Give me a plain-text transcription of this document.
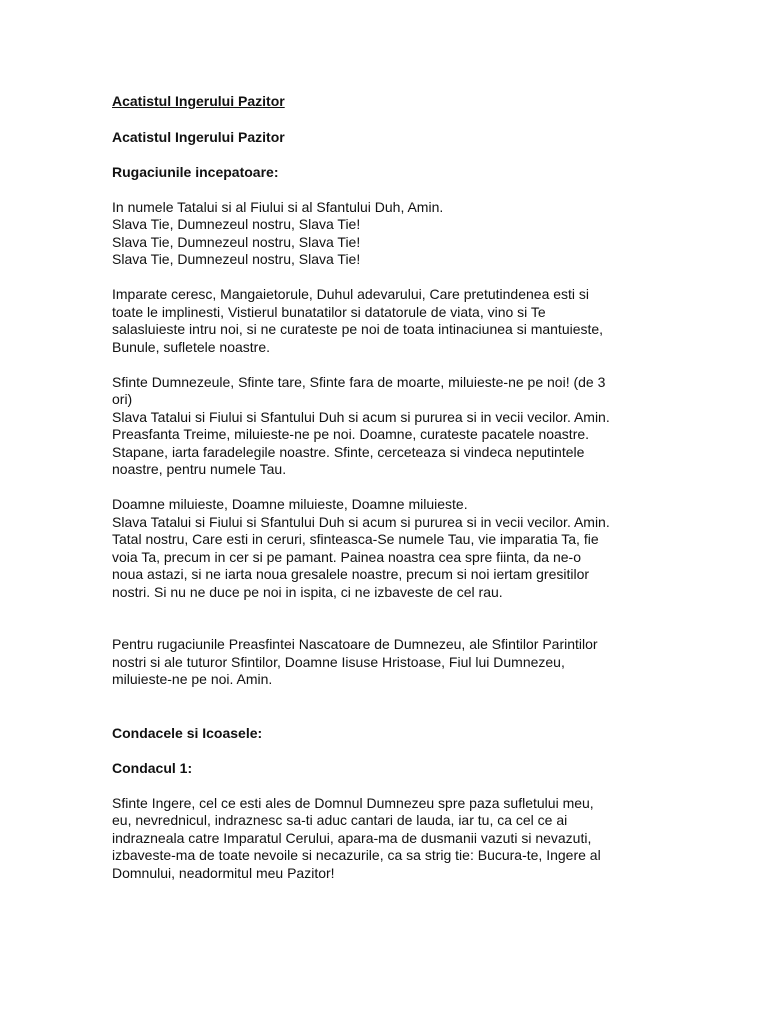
Acatistul Ingerului Pazitor

Acatistul Ingerului Pazitor

Rugaciunile incepatoare:

In numele Tatalui si al Fiului si al Sfantului Duh, Amin.
Slava Tie, Dumnezeul nostru, Slava Tie!
Slava Tie, Dumnezeul nostru, Slava Tie!
Slava Tie, Dumnezeul nostru, Slava Tie!

Imparate ceresc, Mangaietorule, Duhul adevarului, Care pretutindenea esti si
toate le implinesti, Vistierul bunatatilor si datatorule de viata, vino si Te
salasluieste intru noi, si ne curateste pe noi de toata intinaciunea si mantuieste,
Bunule, sufletele noastre.

Sfinte Dumnezeule, Sfinte tare, Sfinte fara de moarte, miluieste-ne pe noi! (de 3
ori)
Slava Tatalui si Fiului si Sfantului Duh si acum si pururea si in vecii vecilor. Amin.
Preasfanta Treime, miluieste-ne pe noi. Doamne, curateste pacatele noastre.
Stapane, iarta faradelegile noastre. Sfinte, cerceteaza si vindeca neputintele
noastre, pentru numele Tau.

Doamne miluieste, Doamne miluieste, Doamne miluieste.
Slava Tatalui si Fiului si Sfantului Duh si acum si pururea si in vecii vecilor. Amin.
Tatal nostru, Care esti in ceruri, sfinteasca-Se numele Tau, vie imparatia Ta, fie
voia Ta, precum in cer si pe pamant. Painea noastra cea spre fiinta, da ne-o
noua astazi, si ne iarta noua gresalele noastre, precum si noi iertam gresitilor
nostri. Si nu ne duce pe noi in ispita, ci ne izbaveste de cel rau.

Pentru rugaciunile Preasfintei Nascatoare de Dumnezeu, ale Sfintilor Parintilor
nostri si ale tuturor Sfintilor, Doamne Iisuse Hristoase, Fiul lui Dumnezeu,
miluieste-ne pe noi. Amin.

Condacele si Icoasele:

Condacul 1:

Sfinte Ingere, cel ce esti ales de Domnul Dumnezeu spre paza sufletului meu,
eu, nevrednicul, indraznesc sa-ti aduc cantari de lauda, iar tu, ca cel ce ai
indrazneala catre Imparatul Cerului, apara-ma de dusmanii vazuti si nevazuti,
izbaveste-ma de toate nevoile si necazurile, ca sa strig tie: Bucura-te, Ingere al
Domnului, neadormitul meu Pazitor!
